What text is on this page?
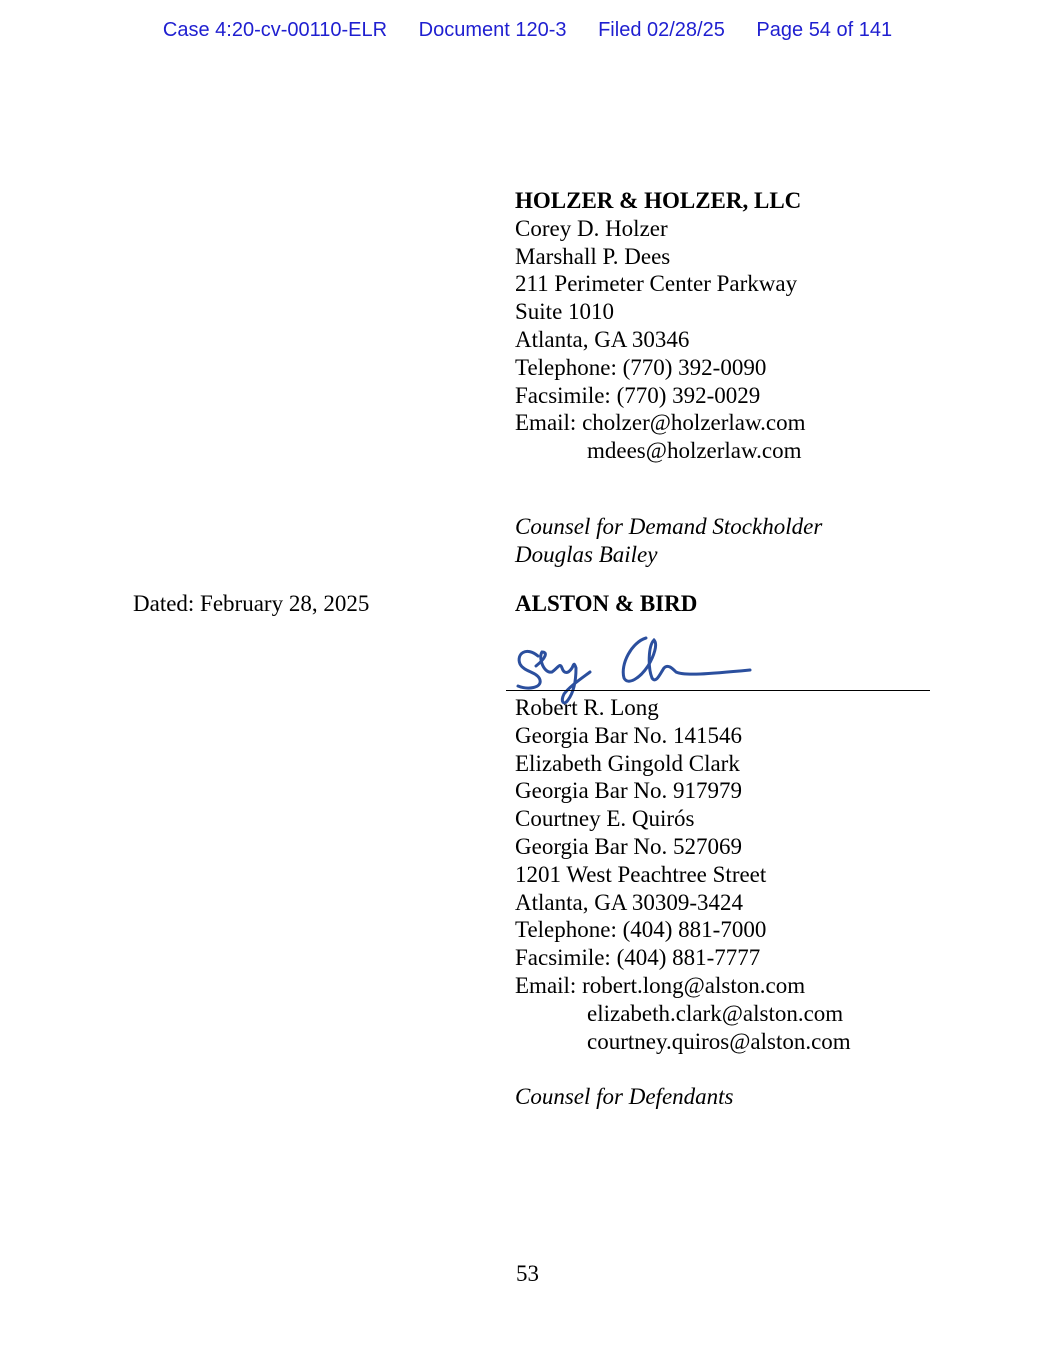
Case 4:20-cv-00110-ELR Document 120-3 Filed 02/28/25 Page 54 of 141
HOLZER & HOLZER, LLC
Corey D. Holzer
Marshall P. Dees
211 Perimeter Center Parkway
Suite 1010
Atlanta, GA 30346
Telephone: (770) 392-0090
Facsimile: (770) 392-0029
Email: cholzer@holzerlaw.com
mdees@holzerlaw.com
Counsel for Demand Stockholder
Douglas Bailey
Dated: February 28, 2025	ALSTON & BIRD
Robert R. Long
Georgia Bar No. 141546
Elizabeth Gingold Clark
Georgia Bar No. 917979
Courtney E. Quirós
Georgia Bar No. 527069
1201 West Peachtree Street
Atlanta, GA 30309-3424
Telephone: (404) 881-7000
Facsimile: (404) 881-7777
Email: robert.long@alston.com
elizabeth.clark@alston.com
courtney.quiros@alston.com
Counsel for Defendants
53
